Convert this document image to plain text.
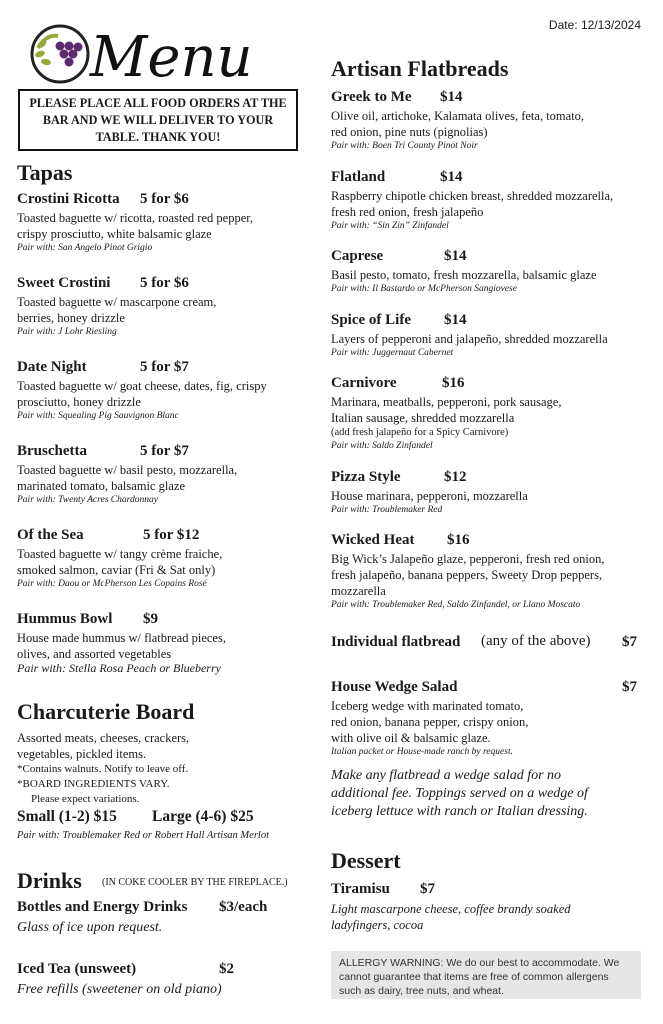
Date: 12/13/2024
Menu
PLEASE PLACE ALL FOOD ORDERS AT THE
BAR AND WE WILL DELIVER TO YOUR
TABLE. THANK YOU!
Tapas
Crostini Ricotta 5 for $6
Toasted baguette w/ ricotta, roasted red pepper,
crispy prosciutto, white balsamic glaze
Pair with: San Angelo Pinot Grigio
Sweet Crostini 5 for $6
Toasted baguette w/ mascarpone cream,
berries, honey drizzle
Pair with: J Lohr Riesling
Date Night	5 for $7
Toasted baguette w/ goat cheese, dates, fig, crispy
prosciutto, honey drizzle
Pair with: Squealing Pig Sauvignon Blanc
Bruschetta	5 for $7
Toasted baguette w/ basil pesto, mozzarella,
marinated tomato, balsamic glaze
Pair with: Twenty Acres Chardonnay
Of the Sea	5 for $12
Toasted baguette w/ tangy crème fraiche,
smoked salmon, caviar (Fri & Sat only)
Pair with: Daou or McPherson Les Copains Rosé
Hummus Bowl $9
House made hummus w/ flatbread pieces,
olives, and assorted vegetables
Pair with: Stella Rosa Peach or Blueberry
Charcuterie Board
Assorted meats, cheeses, crackers,
vegetables, pickled items.
*Contains walnuts. Notify to leave off.
*BOARD INGREDIENTS VARY.
Please expect variations.
Small (1-2) $15 Large (4-6) $25
Pair with: Troublemaker Red or Robert Hall Artisan Merlot
Drinks (IN COKE COOLER BY THE FIREPLACE.)
Bottles and Energy Drinks $3/each
Glass of ice upon request.
Iced Tea (unsweet)	$2
Free refills (sweetener on old piano)
Artisan Flatbreads
Greek to Me $14
Olive oil, artichoke, Kalamata olives, feta, tomato,
red onion, pine nuts (pignolias)
Pair with: Boen Tri County Pinot Noir
Flatland	$14
Raspberry chipotle chicken breast, shredded mozzarella,
fresh red onion, fresh jalapeño
Pair with: “Sin Zin” Zinfandel
Caprese	$14
Basil pesto, tomato, fresh mozzarella, balsamic glaze
Pair with: Il Bastardo or McPherson Sangiovese
Spice of Life $14
Layers of pepperoni and jalapeño, shredded mozzarella
Pair with: Juggernaut Cabernet
Carnivore	$16
Marinara, meatballs, pepperoni, pork sausage,
Italian sausage, shredded mozzarella
(add fresh jalapeño for a Spicy Carnivore)
Pair with: Saldo Zinfandel
Pizza Style	$12
House marinara, pepperoni, mozzarella
Pair with: Troublemaker Red
Wicked Heat $16
Big Wick’s Jalapeño glaze, pepperoni, fresh red onion,
fresh jalapeño, banana peppers, Sweety Drop peppers,
mozzarella
Pair with: Troublemaker Red, Saldo Zinfandel, or Llano Moscato
Individual flatbread (any of the above) $7
House Wedge Salad	$7
Iceberg wedge with marinated tomato,
red onion, banana pepper, crispy onion,
with olive oil & balsamic glaze.
Italian packet or House-made ranch by request.
Make any flatbread a wedge salad for no
additional fee. Toppings served on a wedge of
iceberg lettuce with ranch or Italian dressing.
Dessert
Tiramisu $7
Light mascarpone cheese, coffee brandy soaked
ladyfingers, cocoa
ALLERGY WARNING: We do our best to accommodate. We
cannot guarantee that items are free of common allergens
such as dairy, tree nuts, and wheat.
